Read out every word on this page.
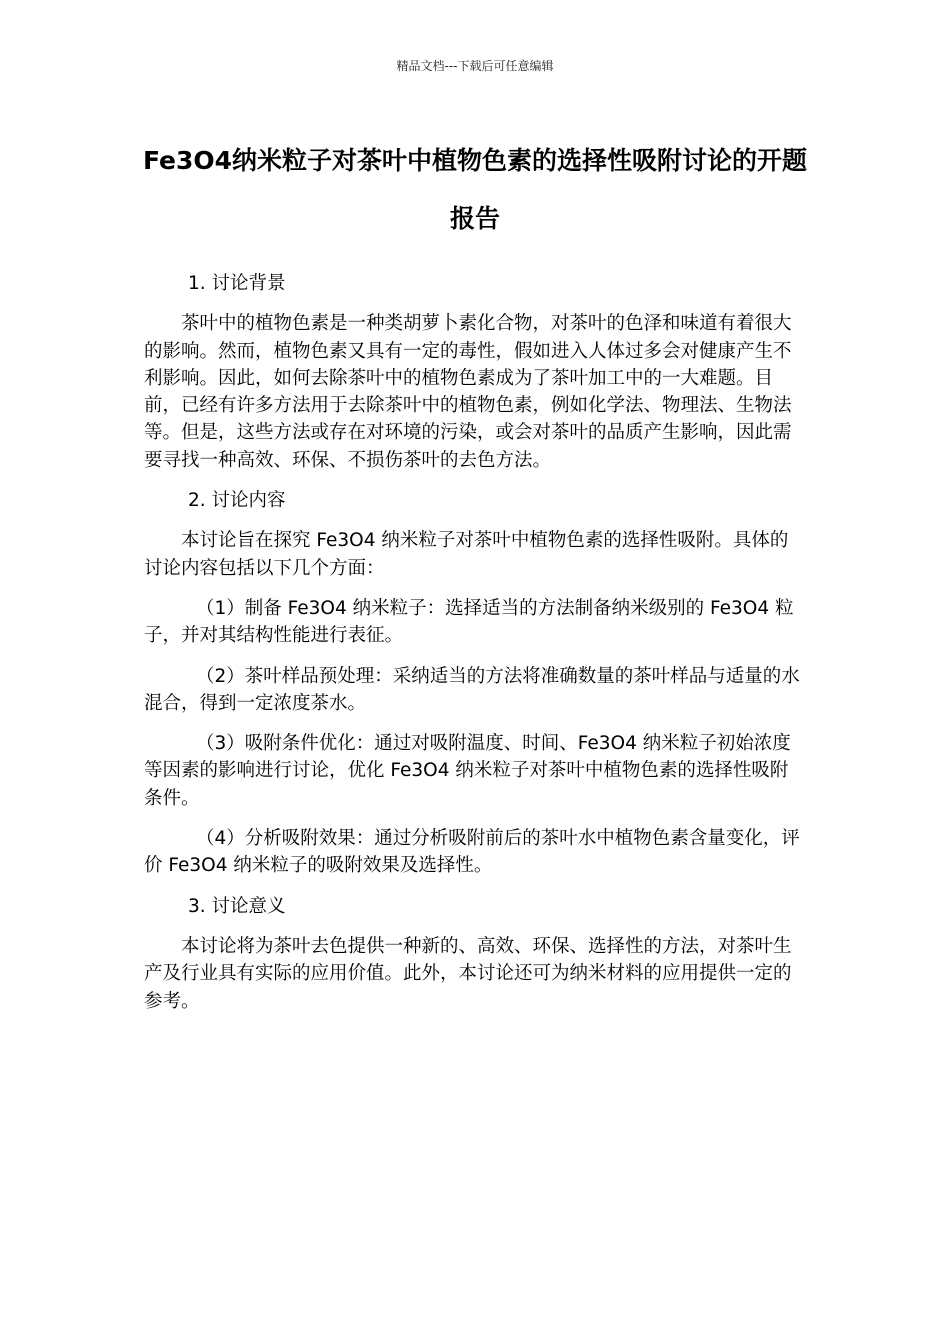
精品文档---下载后可任意编辑
Fe3O4纳米粒子对茶叶中植物色素的选择性吸附讨论的开题报告

1. 讨论背景

茶叶中的植物色素是一种类胡萝卜素化合物，对茶叶的色泽和味道有着很大的影响。然而，植物色素又具有一定的毒性，假如进入人体过多会对健康产生不利影响。因此，如何去除茶叶中的植物色素成为了茶叶加工中的一大难题。目前，已经有许多方法用于去除茶叶中的植物色素，例如化学法、物理法、生物法等。但是，这些方法或存在对环境的污染，或会对茶叶的品质产生影响，因此需要寻找一种高效、环保、不损伤茶叶的去色方法。

2. 讨论内容

本讨论旨在探究 Fe3O4 纳米粒子对茶叶中植物色素的选择性吸附。具体的讨论内容包括以下几个方面：

（1）制备 Fe3O4 纳米粒子：选择适当的方法制备纳米级别的 Fe3O4 粒子，并对其结构性能进行表征。

（2）茶叶样品预处理：采纳适当的方法将准确数量的茶叶样品与适量的水混合，得到一定浓度茶水。

（3）吸附条件优化：通过对吸附温度、时间、Fe3O4 纳米粒子初始浓度等因素的影响进行讨论，优化 Fe3O4 纳米粒子对茶叶中植物色素的选择性吸附条件。

（4）分析吸附效果：通过分析吸附前后的茶叶水中植物色素含量变化，评价 Fe3O4 纳米粒子的吸附效果及选择性。

3. 讨论意义

本讨论将为茶叶去色提供一种新的、高效、环保、选择性的方法，对茶叶生产及行业具有实际的应用价值。此外，本讨论还可为纳米材料的应用提供一定的参考。
